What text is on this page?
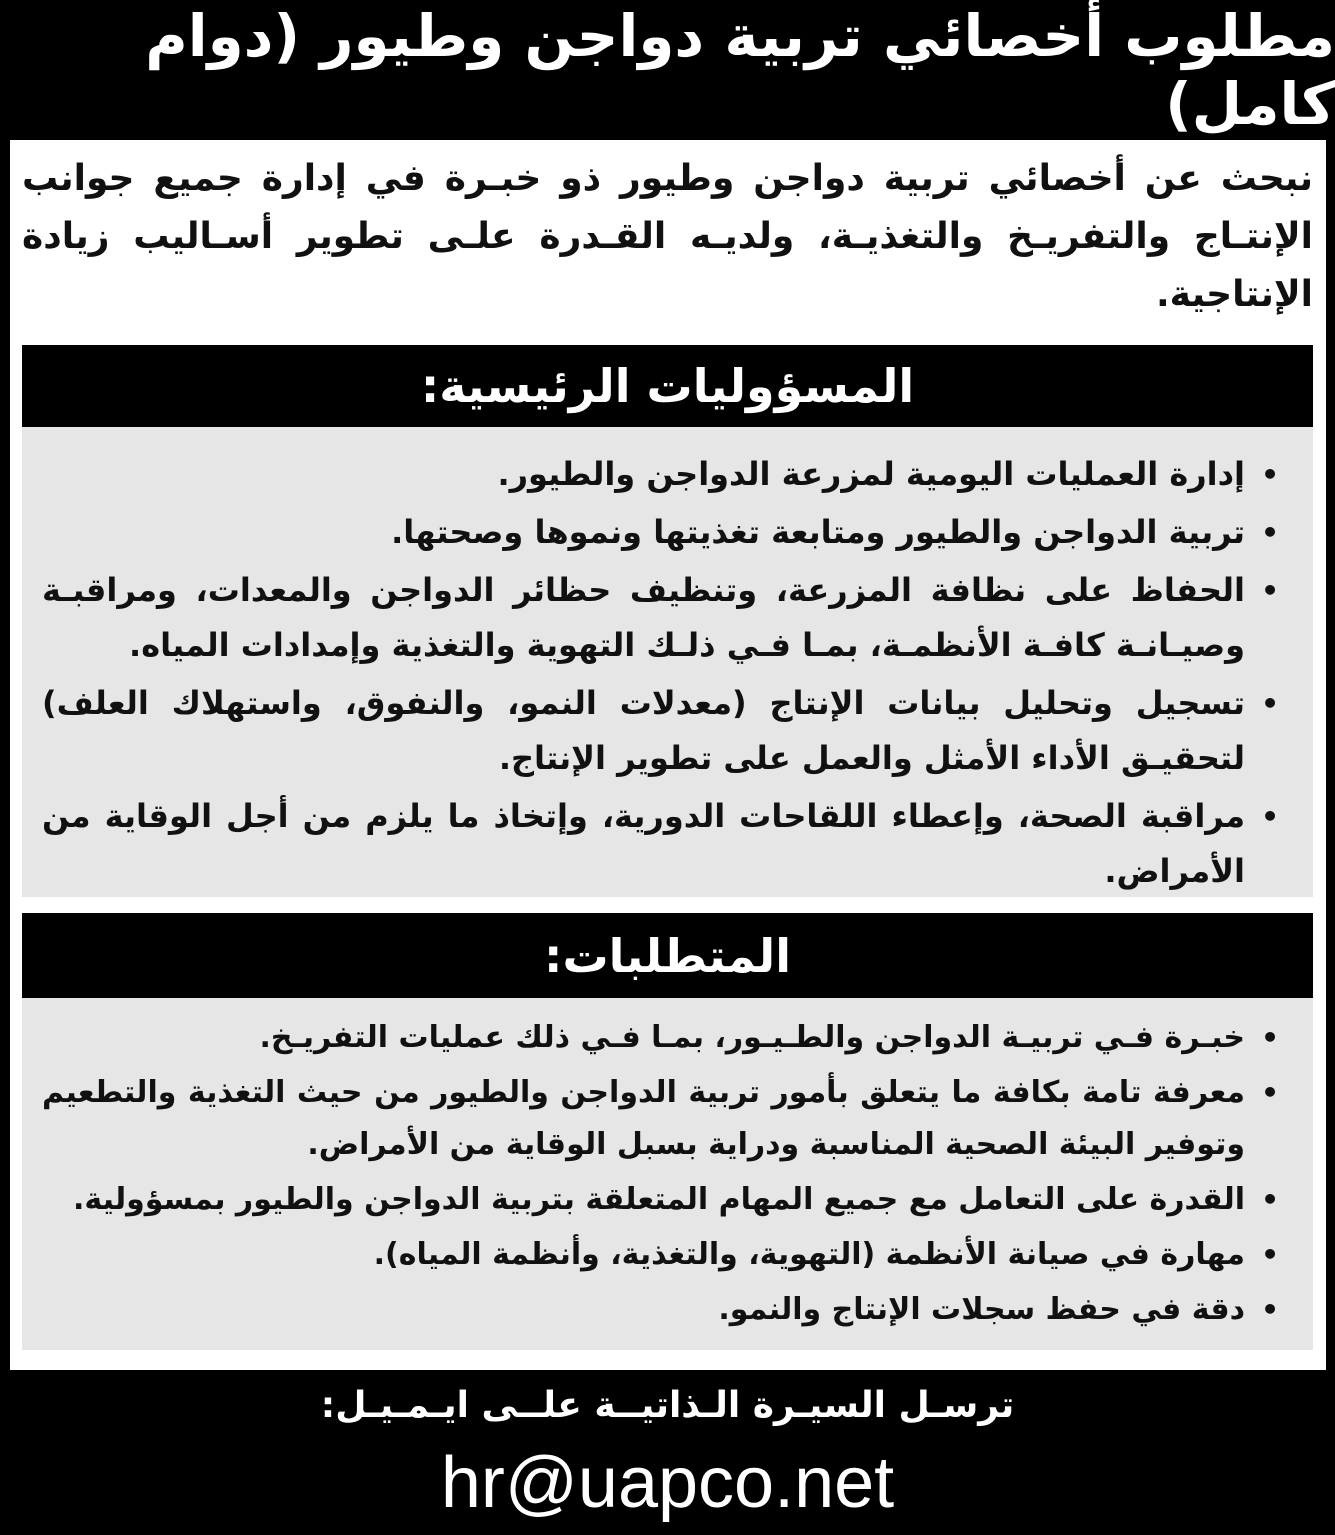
مطلوب أخصائي تربية دواجن وطيور (دوام كامل)
نبحث عن أخصائي تربية دواجن وطيور ذو خبـرة في إدارة جميع جوانب الإنتـاج والتفريـخ والتغذيـة، ولديـه القـدرة علـى تطوير أسـاليب زيادة الإنتاجية.
المسؤوليات الرئيسية:
•
إدارة العمليات اليومية لمزرعة الدواجن والطيور.
•
تربية الدواجن والطيور ومتابعة تغذيتها ونموها وصحتها.
•
الحفاظ على نظافة المزرعة، وتنظيف حظائر الدواجن والمعدات، ومراقبـة وصيـانـة كافـة الأنظمـة، بمـا فـي ذلـك التهوية والتغذية وإمدادات المياه.
•
تسجيل وتحليل بيانات الإنتاج (معدلات النمو، والنفوق، واستهلاك العلف) لتحقيـق الأداء الأمثل والعمل على تطوير الإنتاج.
•
مراقبة الصحة، وإعطاء اللقاحات الدورية، وإتخاذ ما يلزم من أجل الوقاية من الأمراض.
المتطلبات:
•
خبـرة فـي تربيـة الدواجن والطـيـور، بمـا فـي ذلك عمليات التفريـخ.
•
معرفة تامة بكافة ما يتعلق بأمور تربية الدواجن والطيور من حيث التغذية والتطعيم وتوفير البيئة الصحية المناسبة ودراية بسبل الوقاية من الأمراض.
•
القدرة على التعامل مع جميع المهام المتعلقة بتربية الدواجن والطيور بمسؤولية.
•
مهارة في صيانة الأنظمة (التهوية، والتغذية، وأنظمة المياه).
•
دقة في حفظ سجلات الإنتاج والنمو.
ترسـل السيـرة الـذاتيــة علــى ايـمـيـل:
hr@uapco.net
